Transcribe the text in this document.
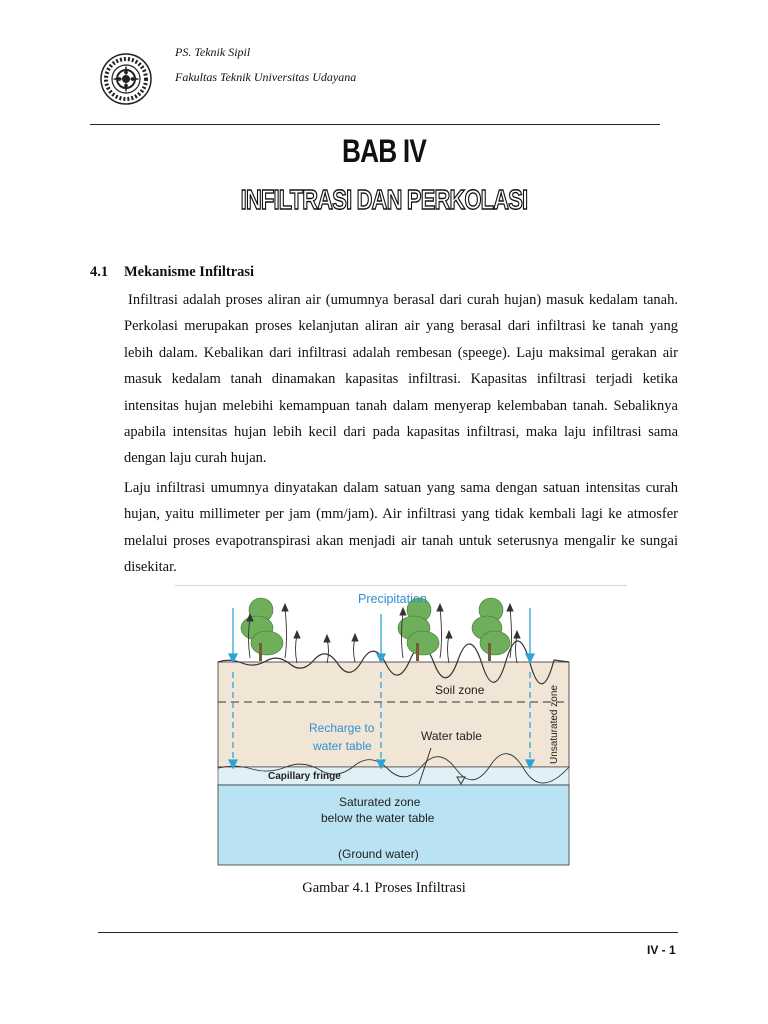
PS. Teknik Sipil
Fakultas Teknik Universitas Udayana
BAB IV
INFILTRASI DAN PERKOLASI
4.1 Mekanisme Infiltrasi

Infiltrasi adalah proses aliran air (umumnya berasal dari curah hujan) masuk kedalam tanah. Perkolasi merupakan proses kelanjutan aliran air yang berasal dari infiltrasi ke tanah yang lebih dalam. Kebalikan dari infiltrasi adalah rembesan (speege). Laju maksimal gerakan air masuk kedalam tanah dinamakan kapasitas infiltrasi. Kapasitas infiltrasi terjadi ketika intensitas hujan melebihi kemampuan tanah dalam menyerap kelembaban tanah. Sebaliknya apabila intensitas hujan lebih kecil dari pada kapasitas infiltrasi, maka laju infiltrasi sama dengan laju curah hujan.

Laju infiltrasi umumnya dinyatakan dalam satuan yang sama dengan satuan intensitas curah hujan, yaitu millimeter per jam (mm/jam). Air infiltrasi yang tidak kembali lagi ke atmosfer melalui proses evapotranspirasi akan menjadi air tanah untuk seterusnya mengalir ke sungai disekitar.

Precipitation
Soil zone	Unsaturated zone
Recharge to
water table
Water table
Capillary fringe
Saturated zone
below the water table
(Ground water)
Gambar 4.1 Proses Infiltrasi
IV - 1
